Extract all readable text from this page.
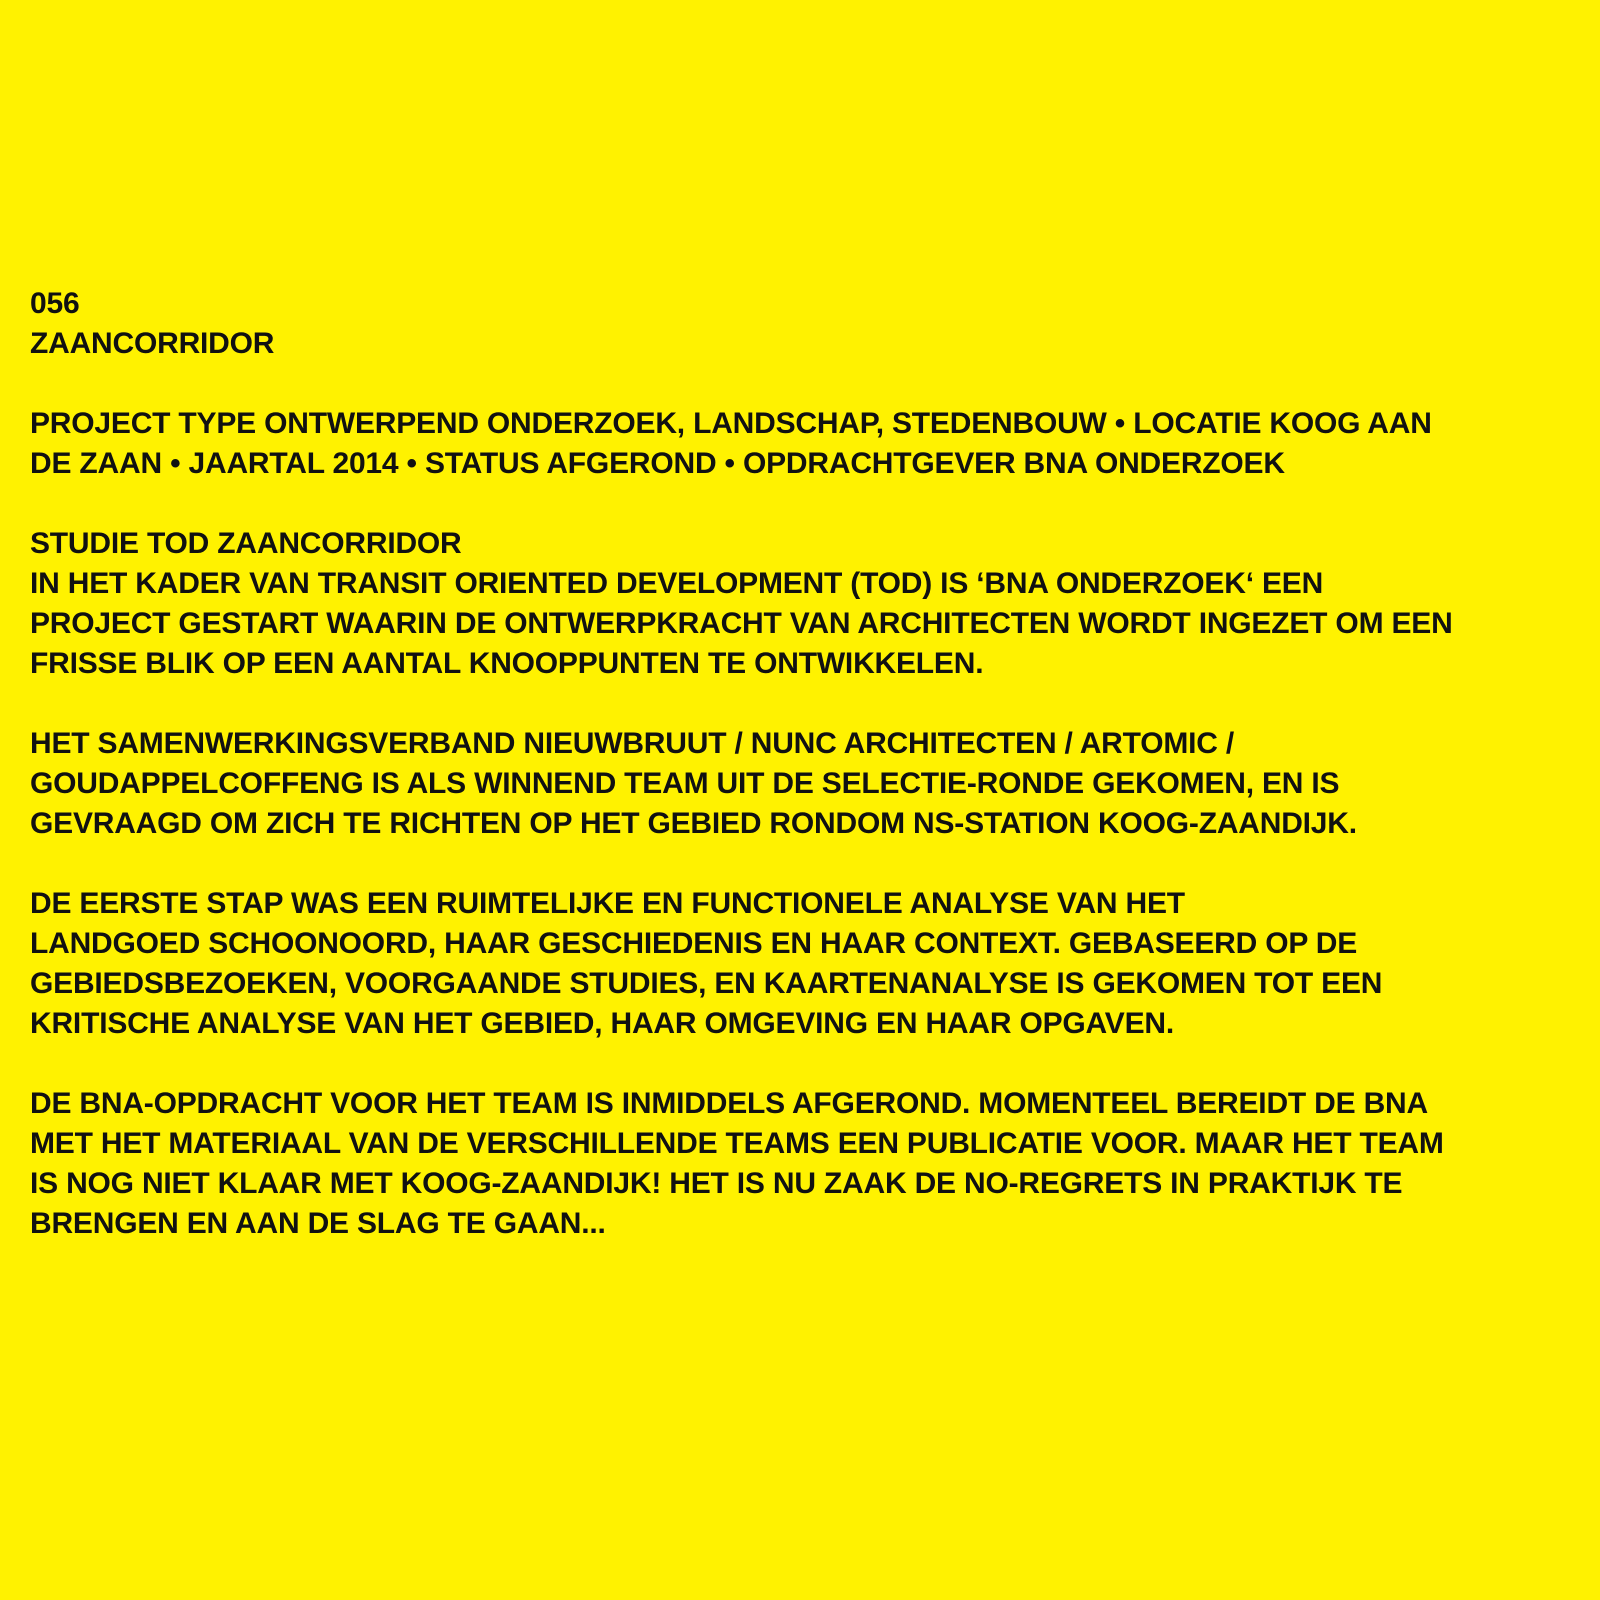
056
ZAANCORRIDOR
PROJECT TYPE ONTWERPEND ONDERZOEK, LANDSCHAP, STEDENBOUW • LOCATIE KOOG AAN
DE ZAAN • JAARTAL 2014 • STATUS AFGEROND • OPDRACHTGEVER BNA ONDERZOEK
STUDIE TOD ZAANCORRIDOR
IN HET KADER VAN TRANSIT ORIENTED DEVELOPMENT (TOD) IS ‘BNA ONDERZOEK‘ EEN
PROJECT GESTART WAARIN DE ONTWERPKRACHT VAN ARCHITECTEN WORDT INGEZET OM EEN
FRISSE BLIK OP EEN AANTAL KNOOPPUNTEN TE ONTWIKKELEN.
HET SAMENWERKINGSVERBAND NIEUWBRUUT / NUNC ARCHITECTEN / ARTOMIC /
GOUDAPPELCOFFENG IS ALS WINNEND TEAM UIT DE SELECTIE-RONDE GEKOMEN, EN IS
GEVRAAGD OM ZICH TE RICHTEN OP HET GEBIED RONDOM NS-STATION KOOG-ZAANDIJK.
DE EERSTE STAP WAS EEN RUIMTELIJKE EN FUNCTIONELE ANALYSE VAN HET
LANDGOED SCHOONOORD, HAAR GESCHIEDENIS EN HAAR CONTEXT. GEBASEERD OP DE
GEBIEDSBEZOEKEN, VOORGAANDE STUDIES, EN KAARTENANALYSE IS GEKOMEN TOT EEN
KRITISCHE ANALYSE VAN HET GEBIED, HAAR OMGEVING EN HAAR OPGAVEN.
DE BNA-OPDRACHT VOOR HET TEAM IS INMIDDELS AFGEROND. MOMENTEEL BEREIDT DE BNA
MET HET MATERIAAL VAN DE VERSCHILLENDE TEAMS EEN PUBLICATIE VOOR. MAAR HET TEAM
IS NOG NIET KLAAR MET KOOG-ZAANDIJK! HET IS NU ZAAK DE NO-REGRETS IN PRAKTIJK TE
BRENGEN EN AAN DE SLAG TE GAAN...
